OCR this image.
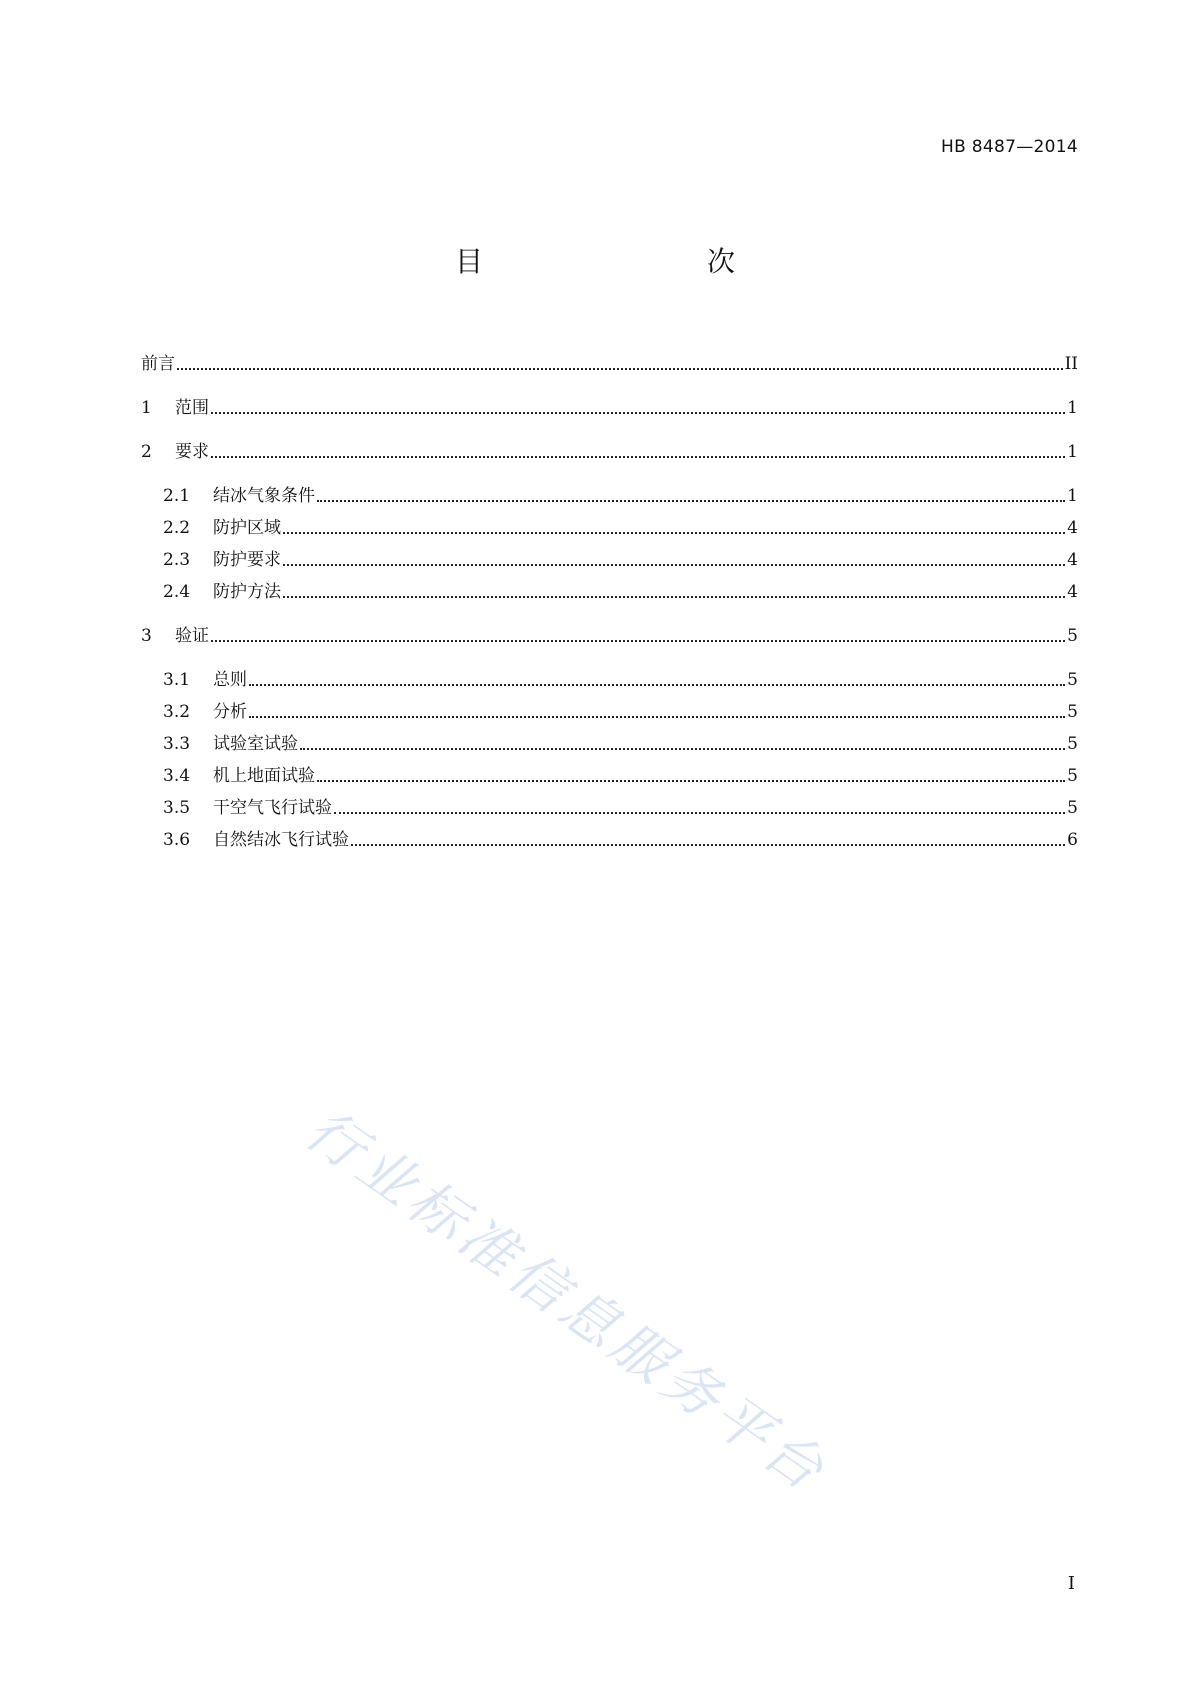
HB 8487—2014
目　　次
前言	II
1	范围	1
2	要求	1
2.1	结冰气象条件	1
2.2	防护区域	4
2.3	防护要求	4
2.4	防护方法	4
3	验证	5
3.1	总则	5
3.2	分析	5
3.3	试验室试验	5
3.4	机上地面试验	5
3.5	干空气飞行试验	5
3.6	自然结冰飞行试验	6
行业标准信息服务平台
I
